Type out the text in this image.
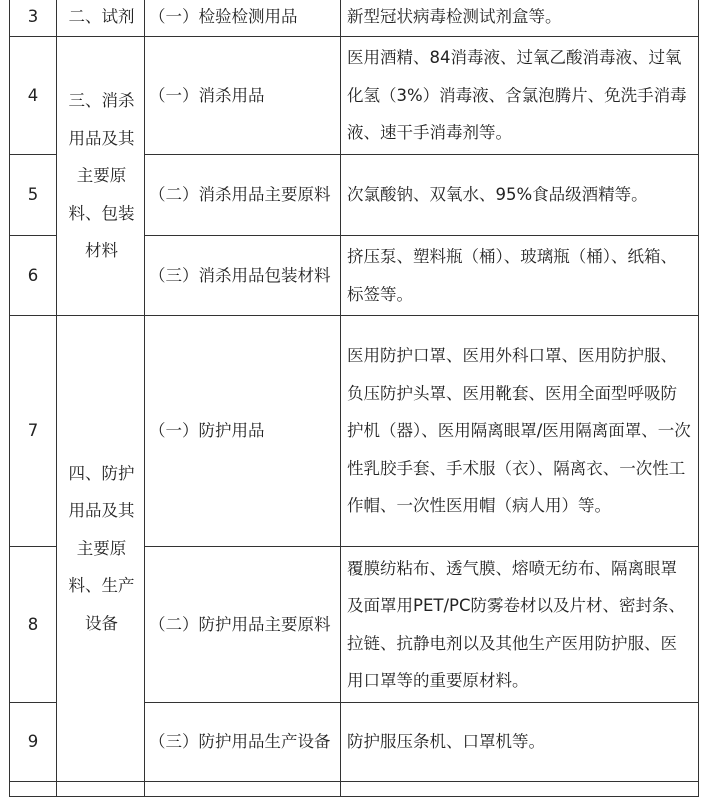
3	二、试剂	（一）检验检测用品	新型冠状病毒检测试剂盒等。
4	三、消杀用品及其主要原料、包装材料	（一）消杀用品	医用酒精、84消毒液、过氧乙酸消毒液、过氧化氢（3%）消毒液、含氯泡腾片、免洗手消毒液、速干手消毒剂等。
5		（二）消杀用品主要原料	次氯酸钠、双氧水、95%食品级酒精等。
6		（三）消杀用品包装材料	挤压泵、塑料瓶（桶）、玻璃瓶（桶）、纸箱、标签等。
7	四、防护用品及其主要原料、生产设备	（一）防护用品	医用防护口罩、医用外科口罩、医用防护服、负压防护头罩、医用靴套、医用全面型呼吸防护机（器）、医用隔离眼罩/医用隔离面罩、一次性乳胶手套、手术服（衣）、隔离衣、一次性工作帽、一次性医用帽（病人用）等。
8		（二）防护用品主要原料	覆膜纺粘布、透气膜、熔喷无纺布、隔离眼罩及面罩用PET/PC防雾卷材以及片材、密封条、拉链、抗静电剂以及其他生产医用防护服、医用口罩等的重要原材料。
9		（三）防护用品生产设备	防护服压条机、口罩机等。
